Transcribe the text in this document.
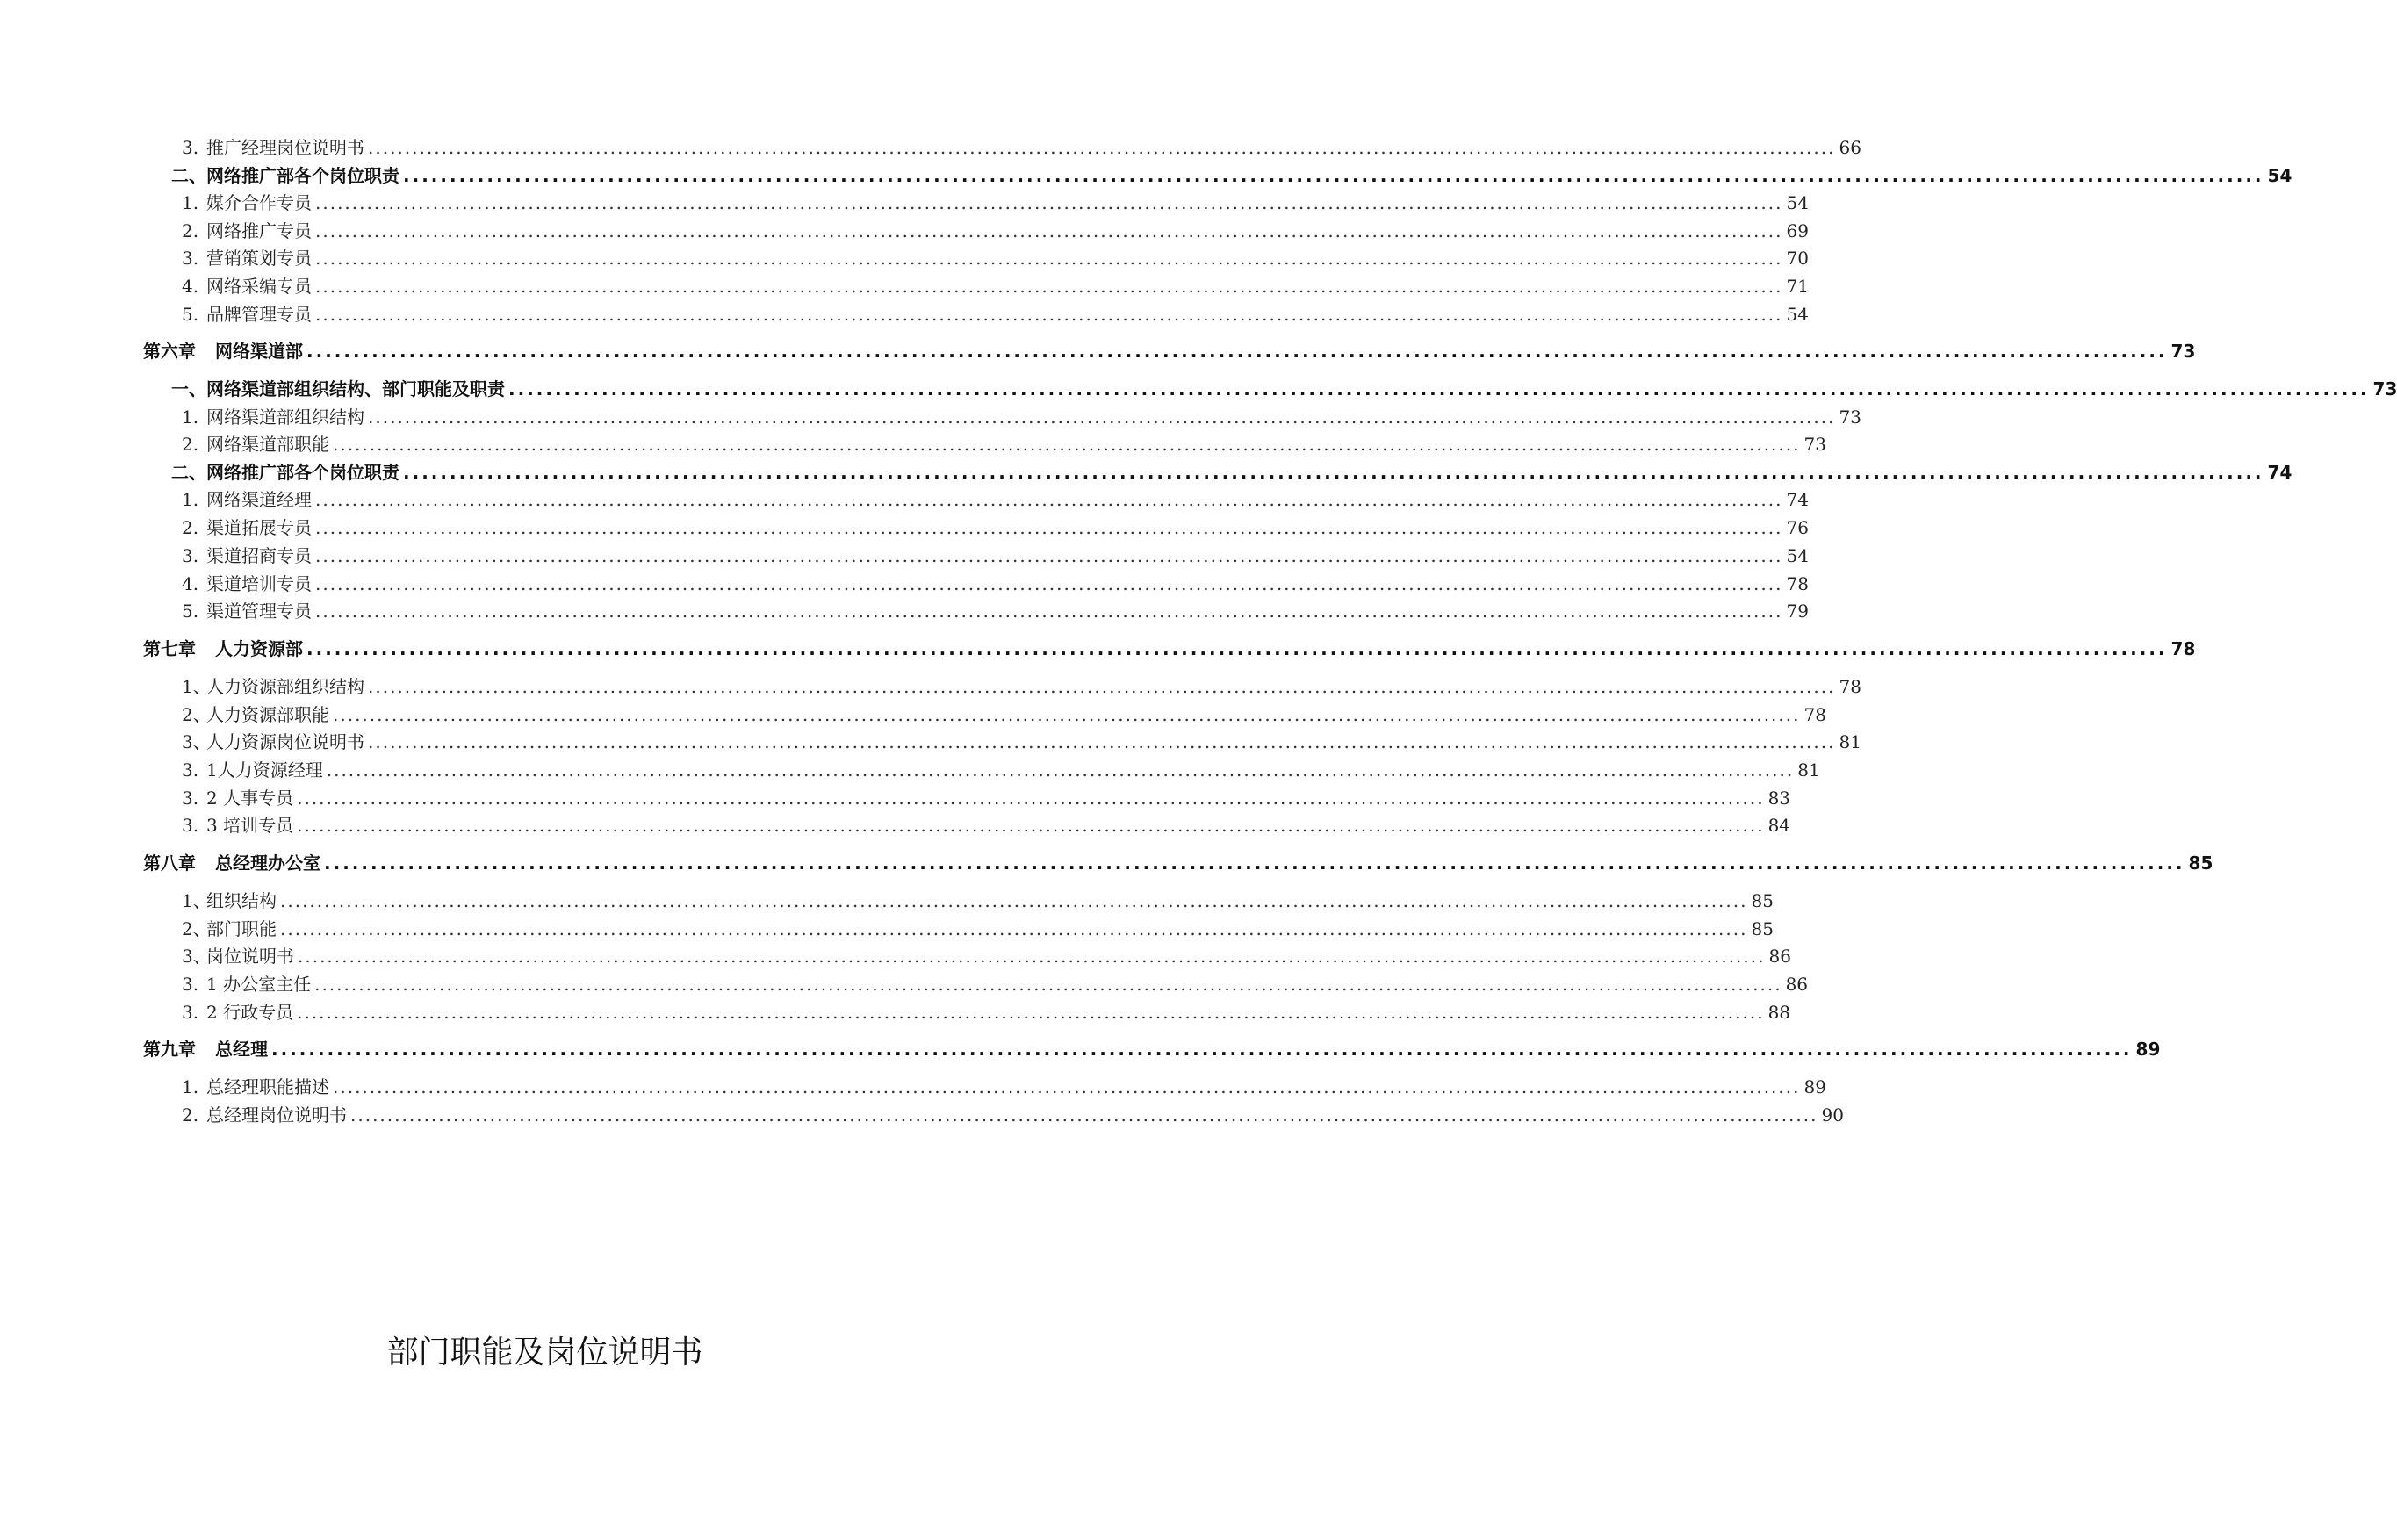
3. 推广经理岗位说明书 ........................................................................................................................................................................................................ 66
二、 网络推广部各个岗位职责 ........................................................................................................................................................................................................ 54
1. 媒介合作专员 ........................................................................................................................................................................................................ 54
2. 网络推广专员 ........................................................................................................................................................................................................ 69
3. 营销策划专员 ........................................................................................................................................................................................................ 70
4. 网络采编专员 ........................................................................................................................................................................................................ 71
5. 品牌管理专员 ........................................................................................................................................................................................................ 54
第六章 网络渠道部 ........................................................................................................................................................................................................ 73
一、 网络渠道部组织结构、部门职能及职责 ........................................................................................................................................................................................................ 73
1. 网络渠道部组织结构 ........................................................................................................................................................................................................ 73
2. 网络渠道部职能 ........................................................................................................................................................................................................ 73
二、 网络推广部各个岗位职责 ........................................................................................................................................................................................................ 74
1. 网络渠道经理 ........................................................................................................................................................................................................ 74
2. 渠道拓展专员 ........................................................................................................................................................................................................ 76
3. 渠道招商专员 ........................................................................................................................................................................................................ 54
4. 渠道培训专员 ........................................................................................................................................................................................................ 78
5. 渠道管理专员 ........................................................................................................................................................................................................ 79
第七章 人力资源部 ........................................................................................................................................................................................................ 78
1、
人力资源部组织结构 ........................................................................................................................................................................................................ 78
2、
人力资源部职能 ........................................................................................................................................................................................................ 78
3、
人力资源岗位说明书 ........................................................................................................................................................................................................ 81
3. 1人力资源经理 ........................................................................................................................................................................................................ 81
3. 2 人事专员 ........................................................................................................................................................................................................ 83
3. 3 培训专员 ........................................................................................................................................................................................................ 84
第八章 总经理办公室 ........................................................................................................................................................................................................ 85
1、
组织结构 ........................................................................................................................................................................................................ 85
2、
部门职能 ........................................................................................................................................................................................................ 85
3、
岗位说明书 ........................................................................................................................................................................................................ 86
3. 1 办公室主任 ........................................................................................................................................................................................................ 86
3. 2 行政专员 ........................................................................................................................................................................................................ 88
第九章 总经理 ........................................................................................................................................................................................................ 89
1. 总经理职能描述 ........................................................................................................................................................................................................ 89
2. 总经理岗位说明书 ........................................................................................................................................................................................................ 90
部门职能及岗位说明书
